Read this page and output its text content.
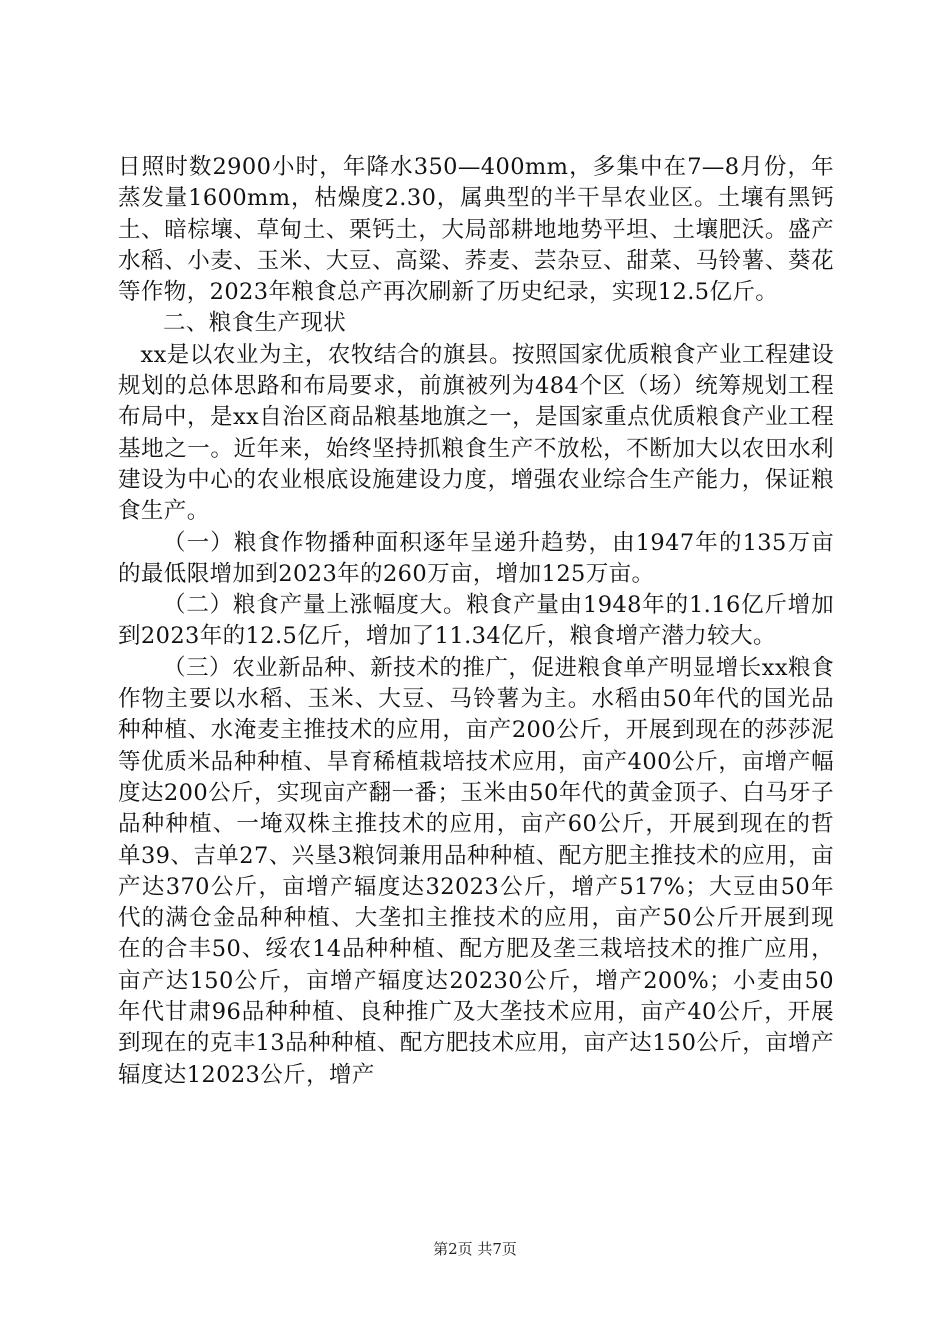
日照时数2900小时，年降水350—400mm，多集中在7—8月份，年蒸发量1600mm，枯燥度2.30，属典型的半干旱农业区。土壤有黑钙土、暗棕壤、草甸土、栗钙土，大局部耕地地势平坦、土壤肥沃。盛产水稻、小麦、玉米、大豆、高粱、荞麦、芸杂豆、甜菜、马铃薯、葵花等作物，2023年粮食总产再次刷新了历史纪录，实现12.5亿斤。

二、粮食生产现状

xx是以农业为主，农牧结合的旗县。按照国家优质粮食产业工程建设规划的总体思路和布局要求，前旗被列为484个区（场）统筹规划工程布局中，是xx自治区商品粮基地旗之一，是国家重点优质粮食产业工程基地之一。近年来，始终坚持抓粮食生产不放松，不断加大以农田水利建设为中心的农业根底设施建设力度，增强农业综合生产能力，保证粮食生产。

（一）粮食作物播种面积逐年呈递升趋势，由1947年的135万亩的最低限增加到2023年的260万亩，增加125万亩。

（二）粮食产量上涨幅度大。粮食产量由1948年的1.16亿斤增加到2023年的12.5亿斤，增加了11.34亿斤，粮食增产潜力较大。

（三）农业新品种、新技术的推广，促进粮食单产明显增长xx粮食作物主要以水稻、玉米、大豆、马铃薯为主。水稻由50年代的国光品种种植、水淹麦主推技术的应用，亩产200公斤，开展到现在的莎莎泥等优质米品种种植、旱育稀植栽培技术应用，亩产400公斤，亩增产幅度达200公斤，实现亩产翻一番；玉米由50年代的黄金顶子、白马牙子品种种植、一埯双株主推技术的应用，亩产60公斤，开展到现在的哲单39、吉单27、兴垦3粮饲兼用品种种植、配方肥主推技术的应用，亩产达370公斤，亩增产辐度达32023公斤，增产517%；大豆由50年代的满仓金品种种植、大垄扣主推技术的应用，亩产50公斤开展到现在的合丰50、绥农14品种种植、配方肥及垄三栽培技术的推广应用，亩产达150公斤，亩增产辐度达20230公斤，增产200%；小麦由50年代甘肃96品种种植、良种推广及大垄技术应用，亩产40公斤，开展到现在的克丰13品种种植、配方肥技术应用，亩产达150公斤，亩增产辐度达12023公斤，增产

第2页 共7页
